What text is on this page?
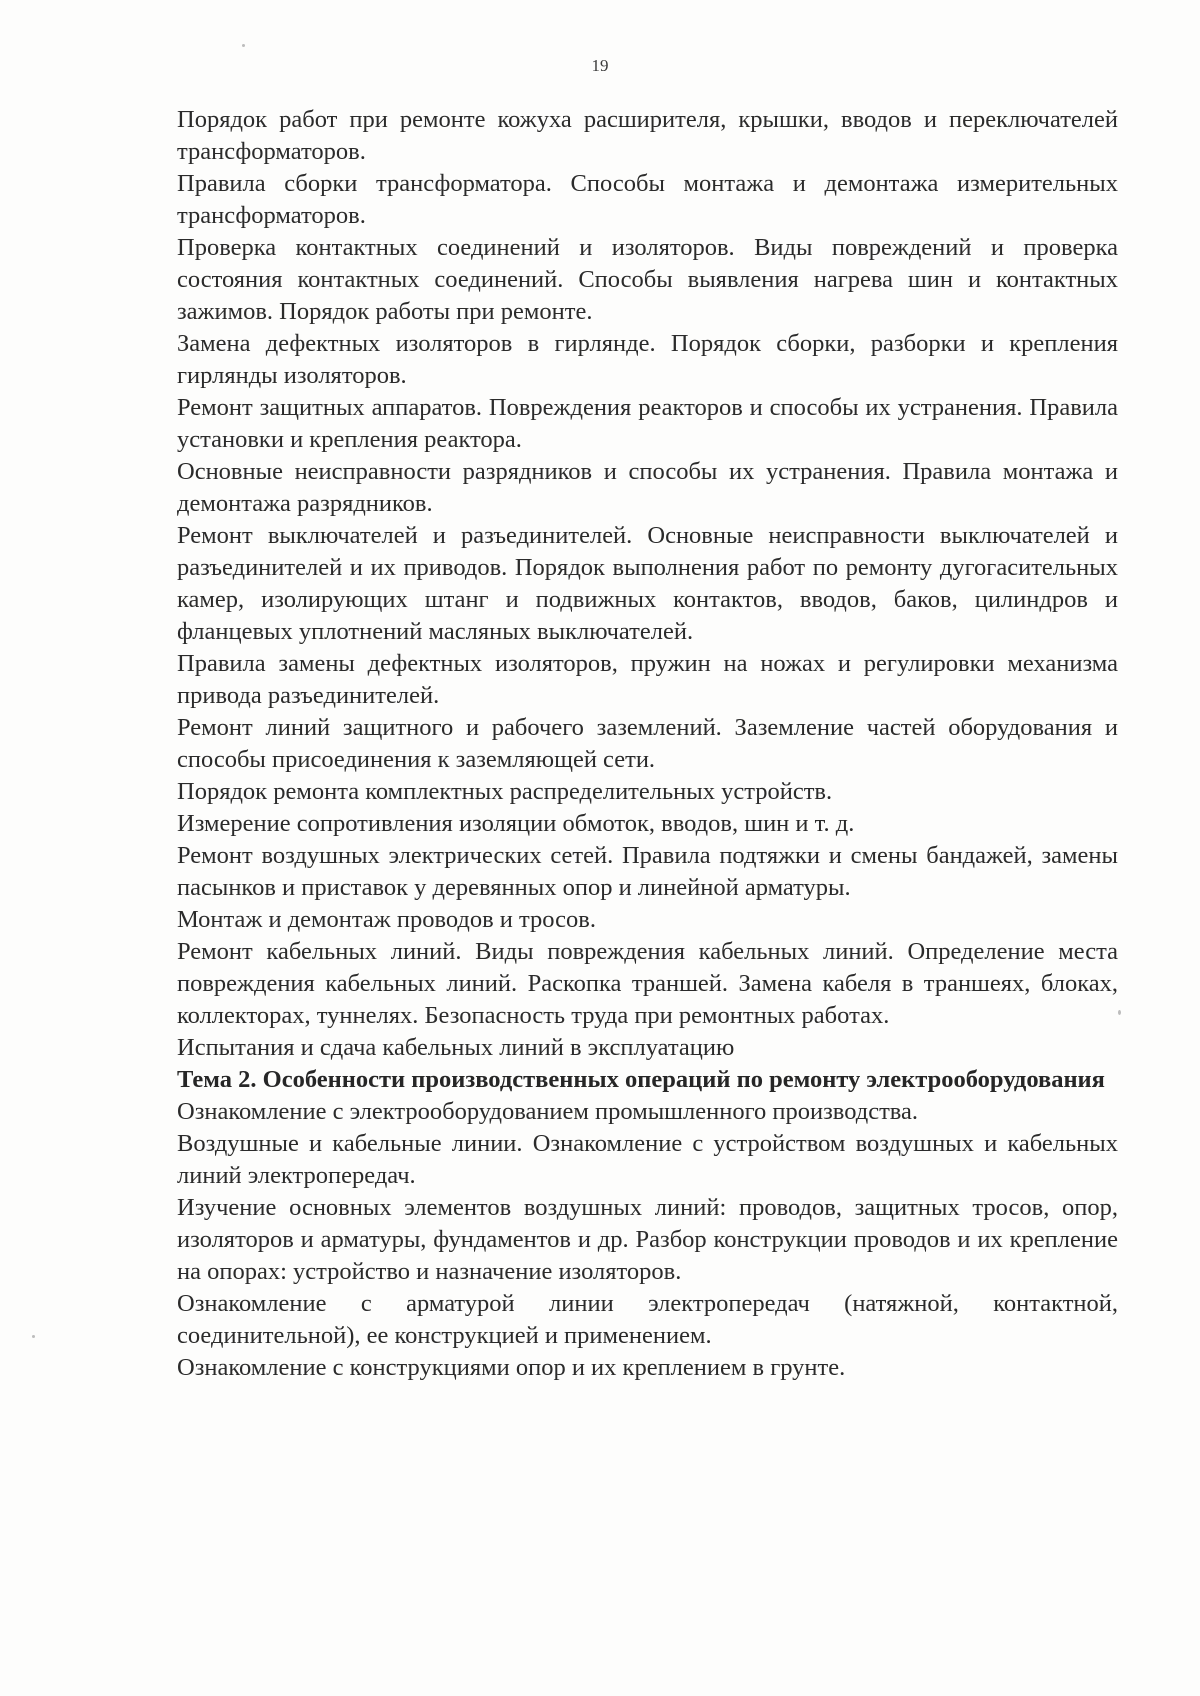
19

Порядок работ при ремонте кожуха расширителя, крышки, вводов и переключателей трансформаторов.

Правила сборки трансформатора. Способы монтажа и демонтажа измерительных трансформаторов.

Проверка контактных соединений и изоляторов. Виды повреждений и проверка состояния контактных соединений. Способы выявления нагрева шин и контактных зажимов. Порядок работы при ремонте.

Замена дефектных изоляторов в гирлянде. Порядок сборки, разборки и крепления гирлянды изоляторов.

Ремонт защитных аппаратов. Повреждения реакторов и способы их устранения. Правила установки и крепления реактора.

Основные неисправности разрядников и способы их устранения. Правила монтажа и демонтажа разрядников.

Ремонт выключателей и разъединителей. Основные неисправности выключателей и разъединителей и их приводов. Порядок выполнения работ по ремонту дугогасительных камер, изолирующих штанг и подвижных контактов, вводов, баков, цилиндров и фланцевых уплотнений масляных выключателей.

Правила замены дефектных изоляторов, пружин на ножах и регулировки механизма привода разъединителей.

Ремонт линий защитного и рабочего заземлений. Заземление частей оборудования и способы присоединения к заземляющей сети.

Порядок ремонта комплектных распределительных устройств.

Измерение сопротивления изоляции обмоток, вводов, шин и т. д.

Ремонт воздушных электрических сетей. Правила подтяжки и смены бандажей, замены пасынков и приставок у деревянных опор и линейной арматуры.

Монтаж и демонтаж проводов и тросов.

Ремонт кабельных линий. Виды повреждения кабельных линий. Определение места повреждения кабельных линий. Раскопка траншей. Замена кабеля в траншеях, блоках, коллекторах, туннелях. Безопасность труда при ремонтных работах.

Испытания и сдача кабельных линий в эксплуатацию

Тема 2. Особенности производственных операций по ремонту электрооборудования

Ознакомление с электрооборудованием промышленного производства.

Воздушные и кабельные линии. Ознакомление с устройством воздушных и кабельных линий электропередач.

Изучение основных элементов воздушных линий: проводов, защитных тросов, опор, изоляторов и арматуры, фундаментов и др. Разбор конструкции проводов и их крепление на опорах: устройство и назначение изоляторов.

Ознакомление с арматурой линии электропередач (натяжной, контактной, соединительной), ее конструкцией и применением.

Ознакомление с конструкциями опор и их креплением в грунте.
